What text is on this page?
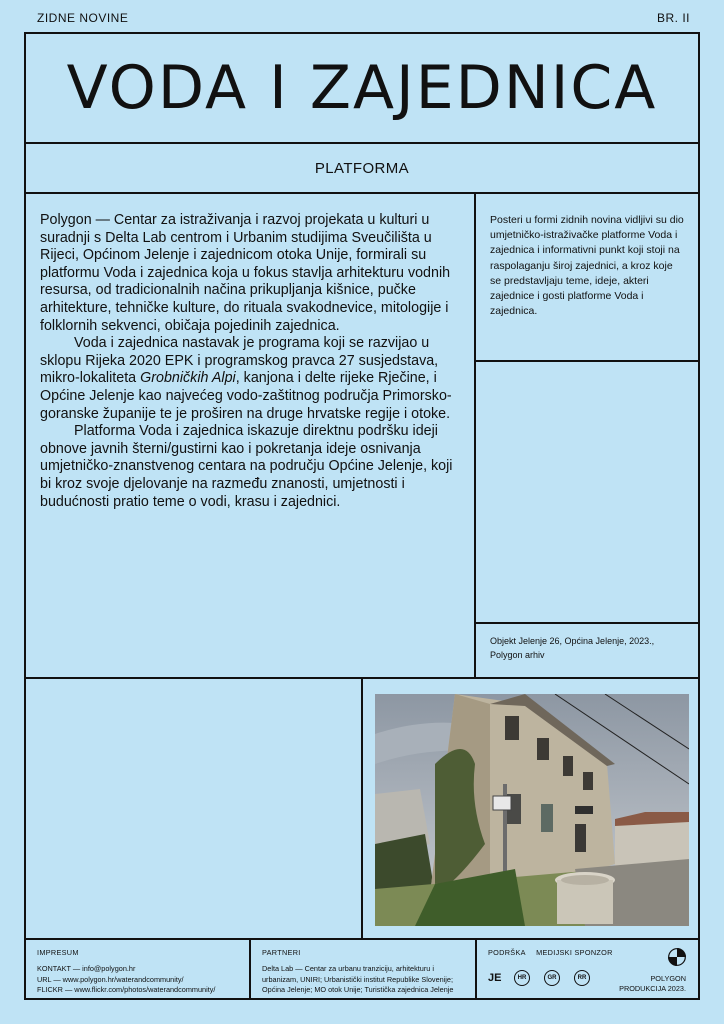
ZIDNE NOVINE	BR. II
VODA I ZAJEDNICA
PLATFORMA

Polygon — Centar za istraživanja i razvoj projekata u kulturi u suradnji s Delta Lab centrom i Urbanim studijima Sveučilišta u Rijeci, Općinom Jelenje i zajednicom otoka Unije, formirali su platformu Voda i zajednica koja u fokus stavlja arhitekturu vodnih resursa, od tradicionalnih načina prikupljanja kišnice, pučke arhitekture, tehničke kulture, do rituala svakodnevice, mitologije i folklornih sekvenci, običaja pojedinih zajednica.

Voda i zajednica nastavak je programa koji se razvijao u sklopu Rijeka 2020 EPK i programskog pravca 27 susjedstava, mikro-lokaliteta Grobničkih Alpi, kanjona i delte rijeke Rječine, i Općine Jelenje kao najvećeg vodo-zaštitnog područja Primorsko-goranske županije te je proširen na druge hrvatske regije i otoke.

Platforma Voda i zajednica iskazuje direktnu podršku ideji obnove javnih šterni/gustirni kao i pokretanja ideje osnivanja umjetničko-znanstvenog centara na području Općine Jelenje, koji bi kroz svoje djelovanje na razmeđu znanosti, umjetnosti i budućnosti pratio teme o vodi, krasu i zajednici.

Posteri u formi zidnih novina vidljivi su dio umjetničko-istraživačke platforme Voda i zajednica i informativni punkt koji stoji na raspolaganju široj zajednici, a kroz koje se predstavljaju teme, ideje, akteri zajednice i gosti platforme Voda i zajednica.
Objekt Jelenje 26, Općina Jelenje, 2023., Polygon arhiv
IMPRESUM
KONTAKT — info@polygon.hr
URL — www.polygon.hr/waterandcommunity/
FLICKR — www.flickr.com/photos/waterandcommunity/
PARTNERI
Delta Lab — Centar za urbanu tranziciju, arhitekturu i urbanizam, UNIRI; Urbanistički institut Republike Slovenije; Općina Jelenje; MO otok Unije; Turistička zajednica Jelenje
PODRŠKA MEDIJSKI SPONZOR
JE	HR	GR	RR	POLYGON
PRODUKCIJA 2023.
